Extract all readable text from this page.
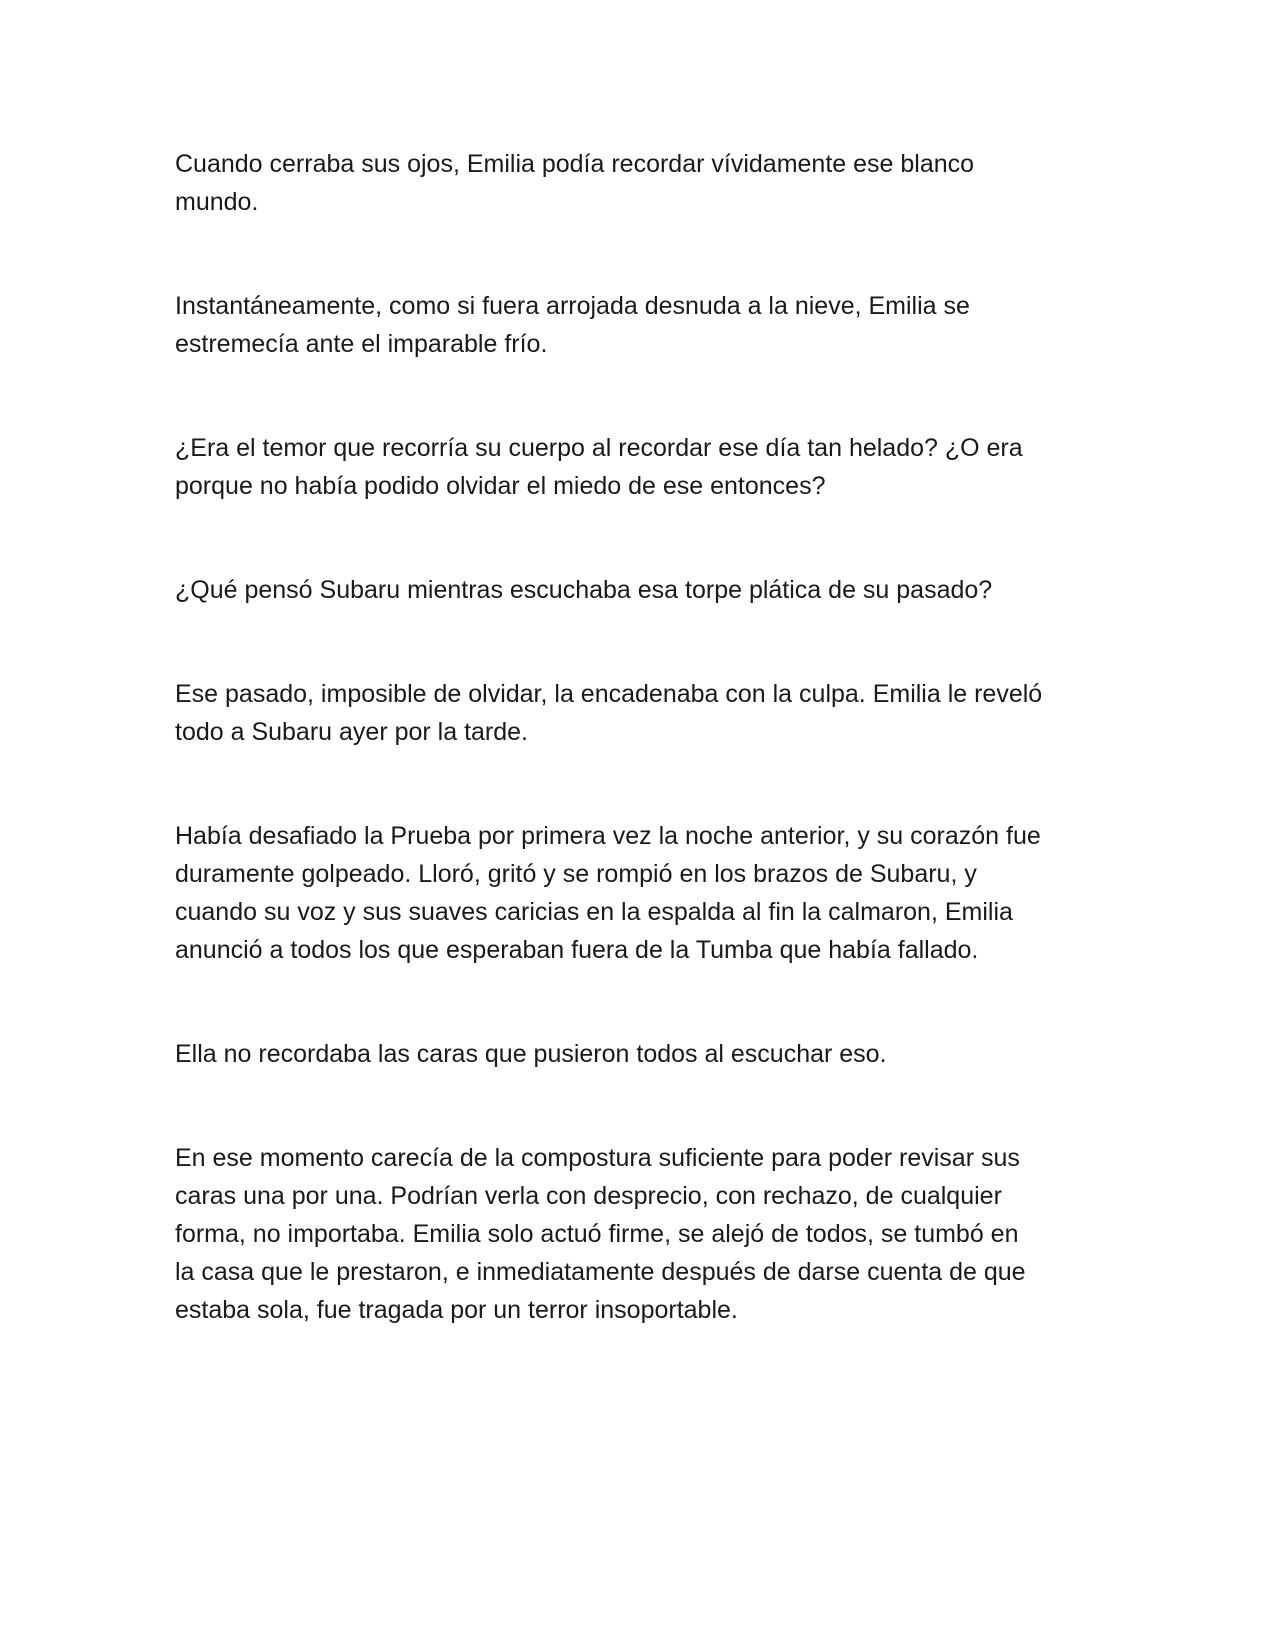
Cuando cerraba sus ojos, Emilia podía recordar vívidamente ese blanco
mundo.

Instantáneamente, como si fuera arrojada desnuda a la nieve, Emilia se
estremecía ante el imparable frío.

¿Era el temor que recorría su cuerpo al recordar ese día tan helado? ¿O era
porque no había podido olvidar el miedo de ese entonces?

¿Qué pensó Subaru mientras escuchaba esa torpe plática de su pasado?

Ese pasado, imposible de olvidar, la encadenaba con la culpa. Emilia le reveló
todo a Subaru ayer por la tarde.

Había desafiado la Prueba por primera vez la noche anterior, y su corazón fue
duramente golpeado. Lloró, gritó y se rompió en los brazos de Subaru, y
cuando su voz y sus suaves caricias en la espalda al fin la calmaron, Emilia
anunció a todos los que esperaban fuera de la Tumba que había fallado.

Ella no recordaba las caras que pusieron todos al escuchar eso.

En ese momento carecía de la compostura suficiente para poder revisar sus
caras una por una. Podrían verla con desprecio, con rechazo, de cualquier
forma, no importaba. Emilia solo actuó firme, se alejó de todos, se tumbó en
la casa que le prestaron, e inmediatamente después de darse cuenta de que
estaba sola, fue tragada por un terror insoportable.
